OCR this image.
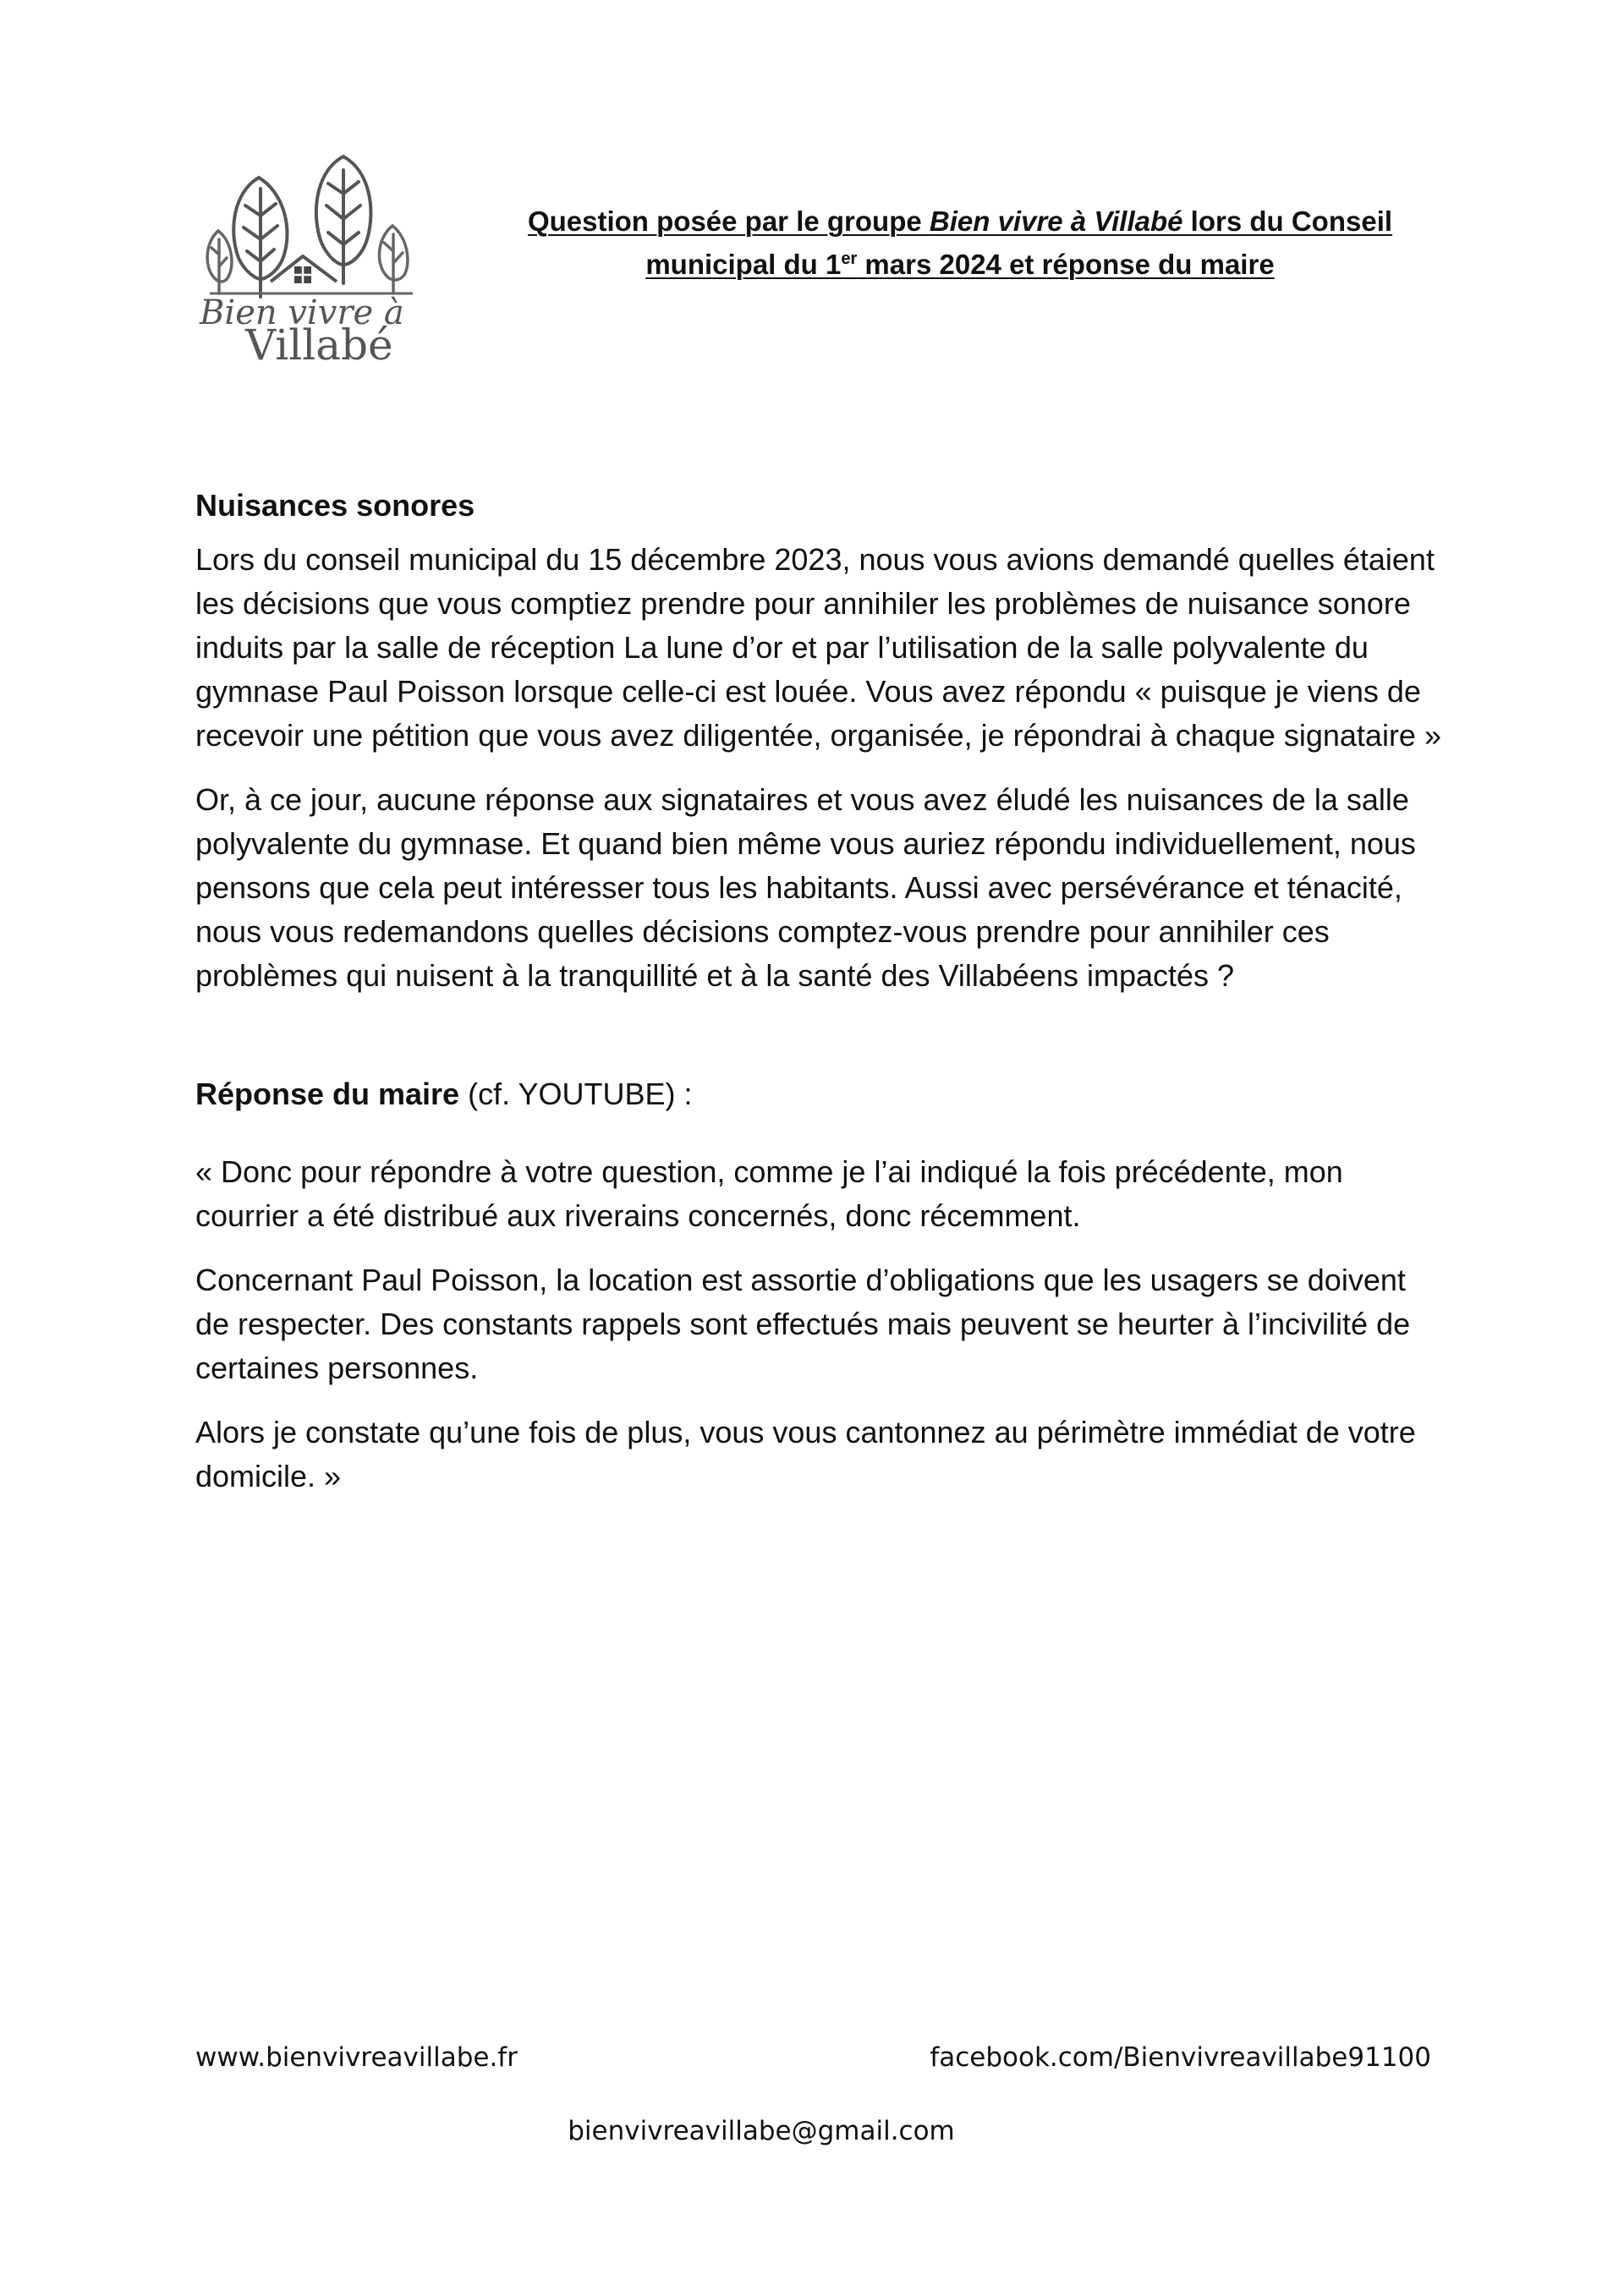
Bien vivre à
Villabé
Question posée par le groupe Bien vivre à Villabé lors du Conseil
municipal du 1er mars 2024 et réponse du maire
Nuisances sonores

Lors du conseil municipal du 15 décembre 2023, nous vous avions demandé quelles étaient les décisions que vous comptiez prendre pour annihiler les problèmes de nuisance sonore induits par la salle de réception La lune d’or et par l’utilisation de la salle polyvalente du gymnase Paul Poisson lorsque celle-ci est louée. Vous avez répondu « puisque je viens de recevoir une pétition que vous avez diligentée, organisée, je répondrai à chaque signataire »

Or, à ce jour, aucune réponse aux signataires et vous avez éludé les nuisances de la salle polyvalente du gymnase. Et quand bien même vous auriez répondu individuellement, nous pensons que cela peut intéresser tous les habitants. Aussi avec persévérance et ténacité, nous vous redemandons quelles décisions comptez-vous prendre pour annihiler ces problèmes qui nuisent à la tranquillité et à la santé des Villabéens impactés ?

Réponse du maire (cf. YOUTUBE) :

« Donc pour répondre à votre question, comme je l’ai indiqué la fois précédente, mon courrier a été distribué aux riverains concernés, donc récemment.

Concernant Paul Poisson, la location est assortie d’obligations que les usagers se doivent de respecter. Des constants rappels sont effectués mais peuvent se heurter à l’incivilité de certaines personnes.

Alors je constate qu’une fois de plus, vous vous cantonnez au périmètre immédiat de votre domicile. »

www.bienvivreavillabe.fr	facebook.com/Bienvivreavillabe91100
bienvivreavillabe@gmail.com
